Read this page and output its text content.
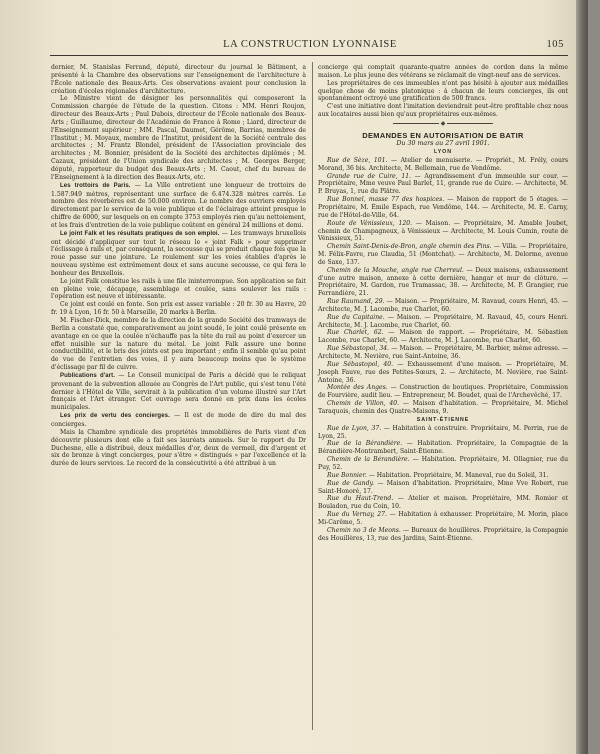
LA CONSTRUCTION LYONNAISE	105

dernier, M. Stanislas Ferrand, député, directeur du journal le Bâtiment, a présenté à la Chambre des observations sur l'enseignement de l'architecture à l'École nationale des Beaux-Arts. Ces observations avaient pour conclusion la création d'écoles régionales d'architecture.

Le Ministre vient de désigner les personnalités qui composeront la Commission chargée de l'étude de la question. Citons : MM. Henri Roujon, directeur des Beaux-Arts ; Paul Dubois, directeur de l'École nationale des Beaux-Arts ; Guillaume, directeur de l'Académie de France à Rome ; Liard, directeur de l'Enseignement supérieur ; MM. Pascal, Daumet, Gérôme, Barrias, membres de l'Institut ; M. Moyaux, membre de l'Institut, président de la Société centrale des architectes ; M. Frantz Blondel, président de l'Association provinciale des architectes ; M. Bonnier, président de la Société des architectes diplômés ; M. Cazaux, président de l'Union syndicale des architectes ; M. Georges Berger, député, rapporteur du budget des Beaux-Arts ; M. Caout, chef du bureau de l'Enseignement à la direction des Beaux-Arts, etc.

Les trottoirs de Paris. — La Ville entretient une longueur de trottoirs de 1.587.949 mètres, représentant une surface de 6.474.328 mètres carrés. Le nombre des réverbères est de 50.000 environ. Le nombre des ouvriers employés directement par le service de la voie publique et de l'éclairage atteint presque le chiffre de 6000, sur lesquels on en compte 3753 employés rien qu'au nettoiement, et les frais d'entretien de la voie publique coûtent en général 24 millions et demi.

Le joint Falk et les résultats pratiques de son emploi. — Les tramways bruxellois ont décidé d'appliquer sur tout le réseau le « joint Falk » pour supprimer l'éclissage à rails et, par conséquent, la secousse qui se produit chaque fois que la roue passe sur une jointure. Le roulement sur les voies établies d'après le nouveau système est extrêmement doux et sans aucune secousse, ce qui fera le bonheur des Bruxellois.

Le joint Falk constitue les rails à une file ininterrompue. Son application se fait en pleine voie, décapage, assemblage et coulée, sans soulever les rails : l'opération est neuve et intéressante.

Ce joint est coulé en fonte. Son prix est assez variable : 20 fr. 30 au Havre, 20 fr. 19 à Lyon, 16 fr. 50 à Marseille, 20 marks à Berlin.

M. Fischer-Dick, membre de la direction de la grande Société des tramways de Berlin a constaté que, comparativement au joint soudé, le joint coulé présente en avantage en ce que la coulée n'échauffe pas la tête du rail au point d'exercer un effet nuisible sur la nature du métal. Le joint Falk assure une bonne conductibilité, et le bris des joints est peu important ; enfin il semble qu'au point de vue de l'entretien des voies, il y aura beaucoup moins que le système d'éclissage par fil de cuivre.

Publications d'art. — Le Conseil municipal de Paris a décidé que le reliquat provenant de la subvention allouée au Congrès de l'Art public, qui s'est tenu l'été dernier à l'Hôtel de Ville, servirait à la publication d'un volume illustré sur l'Art français et l'Art étranger. Cet ouvrage sera donné en prix dans les écoles municipales.

Les prix de vertu des concierges. — Il est de mode de dire du mal des concierges.

Mais la Chambre syndicale des propriétés immobilières de Paris vient d'en découvrir plusieurs dont elle a fait ses lauréats annuels. Sur le rapport du Dr Duchesne, elle a distribué, deux médailles d'or, deux de vermeil, dix d'argent et six de bronze à vingt concierges, pour s'être « distingués » par l'excellence et la durée de leurs services. Le record de la consécutivité a été attribué à un

concierge qui comptait quarante-quatre années de cordon dans la même maison. Le plus jeune des vétérans se réclamait de vingt-neuf ans de services.

Les propriétaires de ces immeubles n'ont pas hésité à ajouter aux médailles quelque chose de moins platonique : à chacun de leurs concierges, ils ont spontanément octroyé une gratification de 500 francs.

C'est une initiative dont l'imitation deviendrait peut-être profitable chez nous aux locataires aussi bien qu'aux propriétaires eux-mêmes.

◆
DEMANDES EN AUTORISATION DE BATIR
Du 30 mars au 27 avril 1901.
LYON

Rue de Sèze, 101. — Atelier de menuiserie. — Propriét., M. Frély, cours Morand, 36 bis. Architecte, M. Bellemain, rue de Vendôme.

Grande rue de Cuire, 11. — Agrandissement d'un immeuble sur cour. — Propriétaire, Mme veuve Paul Barlet, 11, grande rue de Cuire. — Architecte, M. P. Bruyas, 1, rue du Plâtre.

Rue Bonnel, masse 77 des hospices. — Maison de rapport de 5 étages. — Propriétaire, M. Émile Espach, rue Vendôme, 144. — Architecte, M. E. Carny, rue de l'Hôtel-de-Ville, 64.

Route de Vénissieux, 120. — Maison. — Propriétaire, M. Amable Joubet, chemin de Champagneux, à Vénissieux — Architecte, M. Louis Cumin, route de Vénissieux, 51.

Chemin Saint-Denis-de-Bron, angle chemin des Pins. — Villa. — Propriétaire, M. Félix-Favre, rue Claudia, 51 (Montchat). — Architecte, M. Delorme, avenue de Saxe, 137.

Chemin de la Mouche, angle rue Cherreul. — Deux maisons, exhaussement d'une autre maison, annexe à cette dernière, hangar et mur de clôture. — Propriétaire, M. Gardon, rue Tramassac, 38. — Architecte, M. P. Grangier, rue Ferrandière, 21.

Rue Raumand, 29. — Maison. — Propriétaire, M. Ravaud, cours Henri, 45. — Architecte, M. J. Lacombe, rue Charlet, 60.

Rue du Capitaine. — Maison. — Propriétaire, M. Ravaud, 45, cours Henri. Architecte, M. J. Lacombe, rue Charlet, 60.

Rue Charlet, 62. — Maison de rapport. — Propriétaire, M. Sébastien Lacombe, rue Charlet, 60. — Architecte, M. J. Lacombe, rue Charlet, 60.

Rue Sébastopol, 34. — Maison. — Propriétaire, M. Barbier, même adresse. — Architecte, M. Nevière, rue Saint-Antoine, 36.

Rue Sébastopol, 40. — Exhaussement d'une maison. — Propriétaire, M. Joseph Fauve, rue des Petites-Sœurs, 2. — Architecte, M. Nevière, rue Saint-Antoine, 36.

Montée des Anges. — Construction de boutiques. Propriétaire, Commission de Fourvière, audit lieu. — Entrepreneur, M. Boudet, quai de l'Archevêché, 17.

Chemin de Villon, 40. — Maison d'habitation. — Propriétaire, M. Michel Taraquois, chemin des Quatre-Maisons, 9.

SAINT-ÉTIENNE

Rue de Lyon, 37. — Habitation à construire. Propriétaire, M. Perrin, rue de Lyon, 25.

Rue de la Bérandière. — Habitation. Propriétaire, la Compagnie de la Bérandière-Montrambert, Saint-Étienne.

Chemin de la Bérandière. — Habitation. Propriétaire, M. Ollagnier, rue du Puy, 52.

Rue Bonnier. — Habitation. Propriétaire, M. Maneval, rue du Soleil, 31.

Rue de Gandy. — Maison d'habitation. Propriétaire, Mme Vve Robert, rue Saint-Honoré, 17.

Rue du Haut-Trend. — Atelier et maison. Propriétaire, MM. Romier et Bouladon, rue du Coin, 10.

Rue du Vernay, 27. — Habitation à exhausser. Propriétaire, M. Morin, place Mi-Carême, 5.

Chemin no 3 de Meons. — Bureaux de houillères. Propriétaire, la Compagnie des Houillères, 13, rue des Jardins, Saint-Étienne.
